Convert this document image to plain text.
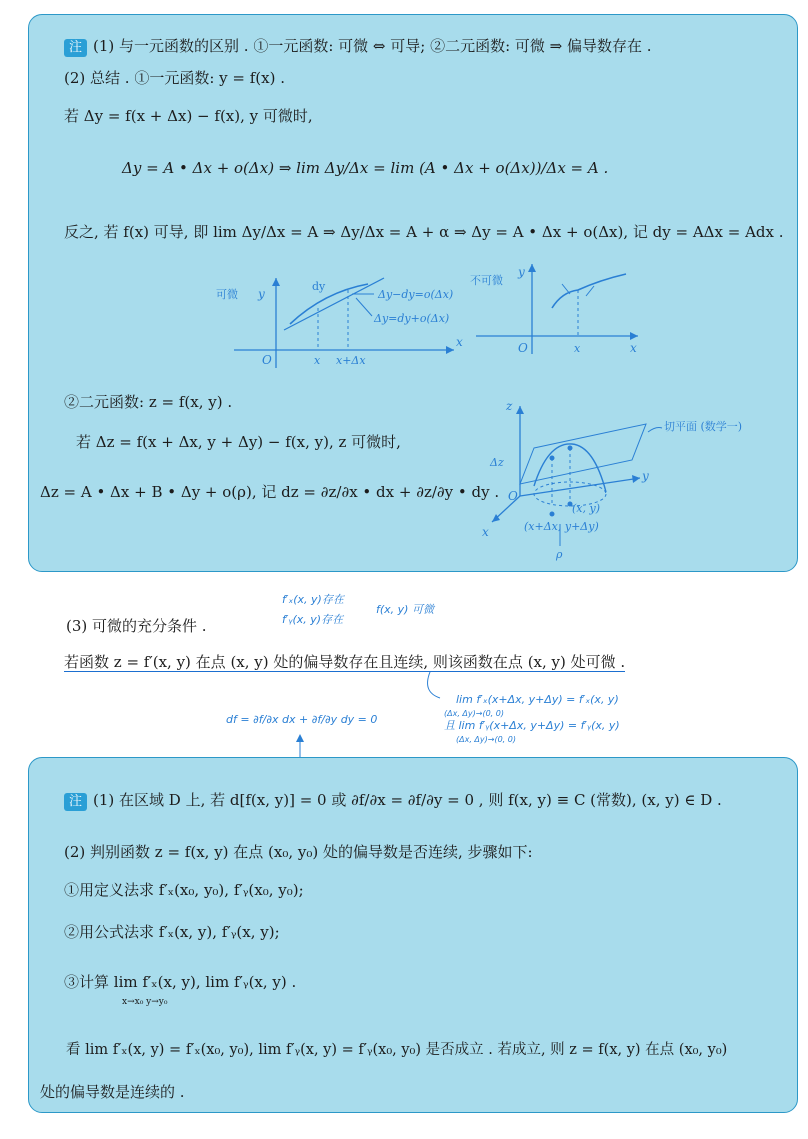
注 (1) 与一元函数的区别 . ①一元函数: 可微 ⇔ 可导; ②二元函数: 可微 ⇒ 偏导数存在 .
(2) 总结 . ①一元函数: y = f(x) .
若 Δy = f(x + Δx) − f(x), y 可微时,
Δy = A • Δx + o(Δx) ⇒ lim Δy/Δx = lim (A • Δx + o(Δx))/Δx = A .
反之, 若 f(x) 可导, 即 lim Δy/Δx = A ⇒ Δy/Δx = A + α ⇒ Δy = A • Δx + o(Δx), 记 dy = AΔx = Adx .
可微 y
x
O	x x+Δx
dy
Δy−dy=o(Δx)
Δy=dy+o(Δx)
不可微
y
x
O	x
②二元函数: z = f(x, y) .
若 Δz = f(x + Δx, y + Δy) − f(x, y), z 可微时,
Δz = A • Δx + B • Δy + o(ρ), 记 dz = ∂z/∂x • dx + ∂z/∂y • dy .
z
y
x
O
Δz
(x, y)
(x+Δx, y+Δy)
ρ
切平面 (数学一)
f′ₓ(x, y)存在
f′ᵧ(x, y)存在
f(x, y) 可微
(3) 可微的充分条件 .
若函数 z = f′(x, y) 在点 (x, y) 处的偏导数存在且连续, 则该函数在点 (x, y) 处可微 .
lim f′ₓ(x+Δx, y+Δy) = f′ₓ(x, y)
(Δx, Δy)→(0, 0)
且 lim f′ᵧ(x+Δx, y+Δy) = f′ᵧ(x, y)
(Δx, Δy)→(0, 0)
df = ∂f/∂x dx + ∂f/∂y dy = 0
注 (1) 在区域 D 上, 若 d[f(x, y)] = 0 或 ∂f/∂x = ∂f/∂y = 0 , 则 f(x, y) ≡ C (常数), (x, y) ∈ D .
(2) 判别函数 z = f(x, y) 在点 (x₀, y₀) 处的偏导数是否连续, 步骤如下:
①用定义法求 f′ₓ(x₀, y₀), f′ᵧ(x₀, y₀);
②用公式法求 f′ₓ(x, y), f′ᵧ(x, y);
③计算 lim f′ₓ(x, y), lim f′ᵧ(x, y) .
x→x₀ y→y₀
看 lim f′ₓ(x, y) = f′ₓ(x₀, y₀), lim f′ᵧ(x, y) = f′ᵧ(x₀, y₀) 是否成立 . 若成立, 则 z = f(x, y) 在点 (x₀, y₀)
处的偏导数是连续的 .
